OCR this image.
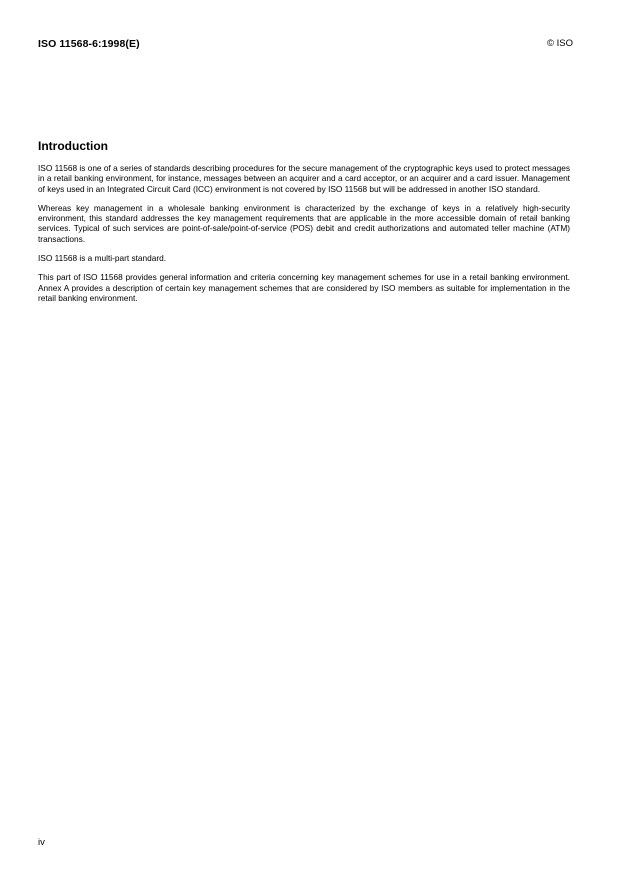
ISO 11568-6:1998(E)	© ISO
Introduction

ISO 11568 is one of a series of standards describing procedures for the secure management of the cryptographic keys used to protect messages in a retail banking environment, for instance, messages between an acquirer and a card acceptor, or an acquirer and a card issuer. Management of keys used in an Integrated Circuit Card (ICC) environment is not covered by ISO 11568 but will be addressed in another ISO standard.

Whereas key management in a wholesale banking environment is characterized by the exchange of keys in a relatively high-security environment, this standard addresses the key management requirements that are applicable in the more accessible domain of retail banking services. Typical of such services are point-of-sale/point-of-service (POS) debit and credit authorizations and automated teller machine (ATM) transactions.

ISO 11568 is a multi-part standard.

This part of ISO 11568 provides general information and criteria concerning key management schemes for use in a retail banking environment. Annex A provides a description of certain key management schemes that are considered by ISO members as suitable for implementation in the retail banking environment.

iv
